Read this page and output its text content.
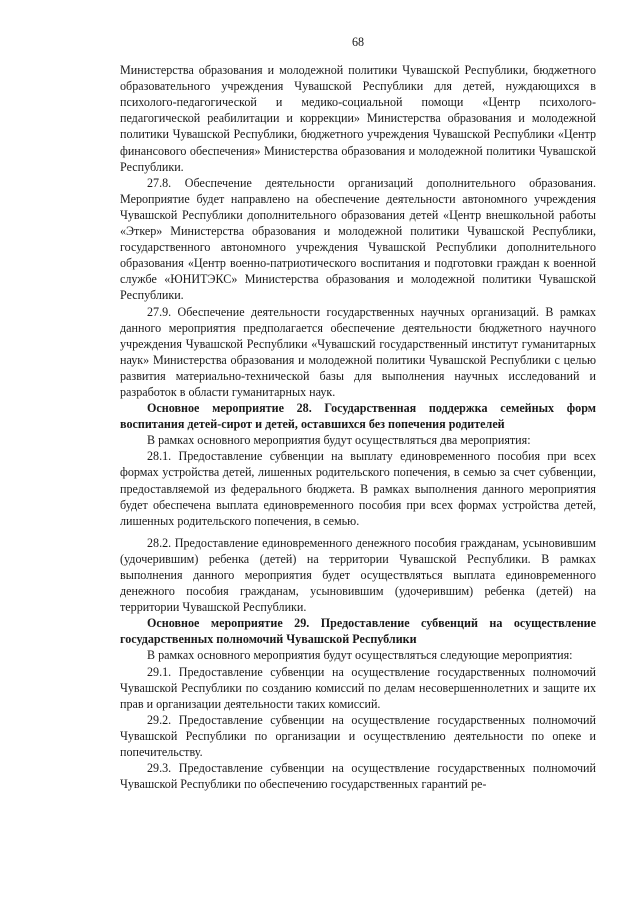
68

Министерства образования и молодежной политики Чувашской Республики, бюджетного образовательного учреждения Чувашской Республики для детей, нуждающихся в психолого-педагогической и медико-социальной помощи «Центр психолого-педагогической реабилитации и коррекции» Министерства образования и молодежной политики Чувашской Республики, бюджетного учреждения Чувашской Республики «Центр финансового обеспечения» Министерства образования и молодежной политики Чувашской Республики.

27.8. Обеспечение деятельности организаций дополнительного образования. Мероприятие будет направлено на обеспечение деятельности автономного учреждения Чувашской Республики дополнительного образования детей «Центр внешкольной работы «Эткер» Министерства образования и молодежной политики Чувашской Республики, государственного автономного учреждения Чувашской Республики дополнительного образования «Центр военно-патриотического воспитания и подготовки граждан к военной службе «ЮНИТЭКС» Министерства образования и молодежной политики Чувашской Республики.

27.9. Обеспечение деятельности государственных научных организаций. В рамках данного мероприятия предполагается обеспечение деятельности бюджетного научного учреждения Чувашской Республики «Чувашский государственный институт гуманитарных наук» Министерства образования и молодежной политики Чувашской Республики с целью развития материально-технической базы для выполнения научных исследований и разработок в области гуманитарных наук.

Основное мероприятие 28. Государственная поддержка семейных форм воспитания детей-сирот и детей, оставшихся без попечения родителей

В рамках основного мероприятия будут осуществляться два мероприятия:

28.1. Предоставление субвенции на выплату единовременного пособия при всех формах устройства детей, лишенных родительского попечения, в семью за счет субвенции, предоставляемой из федерального бюджета. В рамках выполнения данного мероприятия будет обеспечена выплата единовременного пособия при всех формах устройства детей, лишенных родительского попечения, в семью.

28.2. Предоставление единовременного денежного пособия гражданам, усыновившим (удочерившим) ребенка (детей) на территории Чувашской Республики. В рамках выполнения данного мероприятия будет осуществляться выплата единовременного денежного пособия гражданам, усыновившим (удочерившим) ребенка (детей) на территории Чувашской Республики.

Основное мероприятие 29. Предоставление субвенций на осуществление государственных полномочий Чувашской Республики

В рамках основного мероприятия будут осуществляться следующие мероприятия:

29.1. Предоставление субвенции на осуществление государственных полномочий Чувашской Республики по созданию комиссий по делам несовершеннолетних и защите их прав и организации деятельности таких комиссий.

29.2. Предоставление субвенции на осуществление государственных полномочий Чувашской Республики по организации и осуществлению деятельности по опеке и попечительству.

29.3. Предоставление субвенции на осуществление государственных полномочий Чувашской Республики по обеспечению государственных гарантий ре-
